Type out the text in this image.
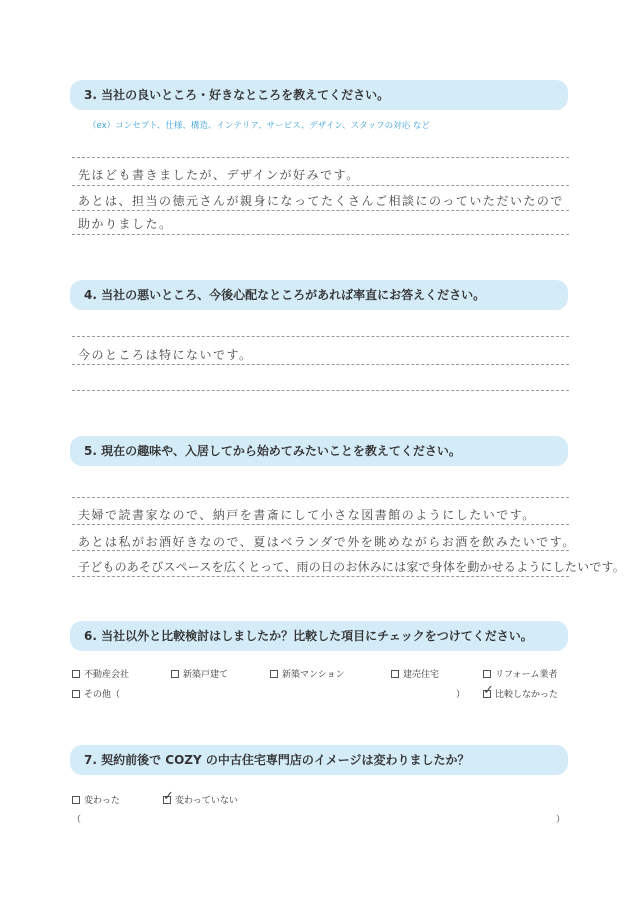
3. 当社の良いところ・好きなところを教えてください。
（ex）コンセプト、仕様、構造、インテリア、サービス、デザイン、スタッフの対応 など
先ほども書きましたが、デザインが好みです。
あとは、担当の徳元さんが親身になってたくさんご相談にのっていただいたので
助かりました。
4. 当社の悪いところ、今後心配なところがあれば率直にお答えください。
今のところは特にないです。
5. 現在の趣味や、入居してから始めてみたいことを教えてください。
夫婦で読書家なので、納戸を書斎にして小さな図書館のようにしたいです。
あとは私がお酒好きなので、夏はベランダで外を眺めながらお酒を飲みたいです。
子どものあそびスペースを広くとって、雨の日のお休みには家で身体を動かせるようにしたいです。
6. 当社以外と比較検討はしましたか？比較した項目にチェックをつけてください。
不動産会社	新築戸建て	新築マンション	建売住宅	リフォーム業者
その他（	） ✓ 比較しなかった
7. 契約前後で COZY の中古住宅専門店のイメージは変わりましたか？
変わった	✓ 変わっていない
（	）
